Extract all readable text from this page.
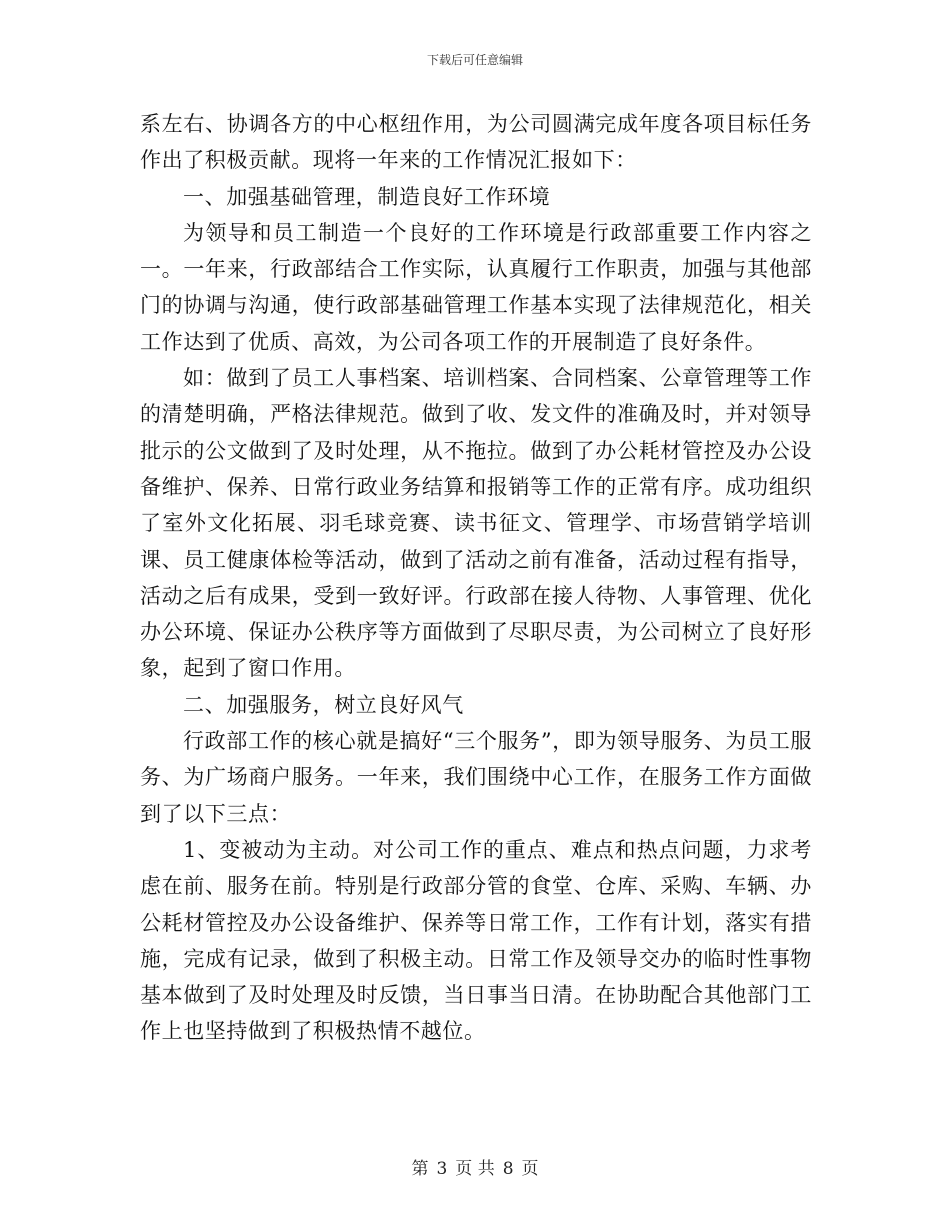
下载后可任意编辑

系左右、协调各方的中心枢纽作用，为公司圆满完成年度各项目标任务作出了积极贡献。现将一年来的工作情况汇报如下：

一、加强基础管理，制造良好工作环境

为领导和员工制造一个良好的工作环境是行政部重要工作内容之一。一年来，行政部结合工作实际，认真履行工作职责，加强与其他部门的协调与沟通，使行政部基础管理工作基本实现了法律规范化，相关工作达到了优质、高效，为公司各项工作的开展制造了良好条件。

如：做到了员工人事档案、培训档案、合同档案、公章管理等工作的清楚明确，严格法律规范。做到了收、发文件的准确及时，并对领导批示的公文做到了及时处理，从不拖拉。做到了办公耗材管控及办公设备维护、保养、日常行政业务结算和报销等工作的正常有序。成功组织了室外文化拓展、羽毛球竞赛、读书征文、管理学、市场营销学培训课、员工健康体检等活动，做到了活动之前有准备，活动过程有指导，活动之后有成果，受到一致好评。行政部在接人待物、人事管理、优化办公环境、保证办公秩序等方面做到了尽职尽责，为公司树立了良好形象，起到了窗口作用。

二、加强服务，树立良好风气

行政部工作的核心就是搞好“三个服务”，即为领导服务、为员工服务、为广场商户服务。一年来，我们围绕中心工作，在服务工作方面做到了以下三点：

1、变被动为主动。对公司工作的重点、难点和热点问题，力求考虑在前、服务在前。特别是行政部分管的食堂、仓库、采购、车辆、办公耗材管控及办公设备维护、保养等日常工作，工作有计划，落实有措施，完成有记录，做到了积极主动。日常工作及领导交办的临时性事物基本做到了及时处理及时反馈，当日事当日清。在协助配合其他部门工作上也坚持做到了积极热情不越位。

第 3 页 共 8 页
